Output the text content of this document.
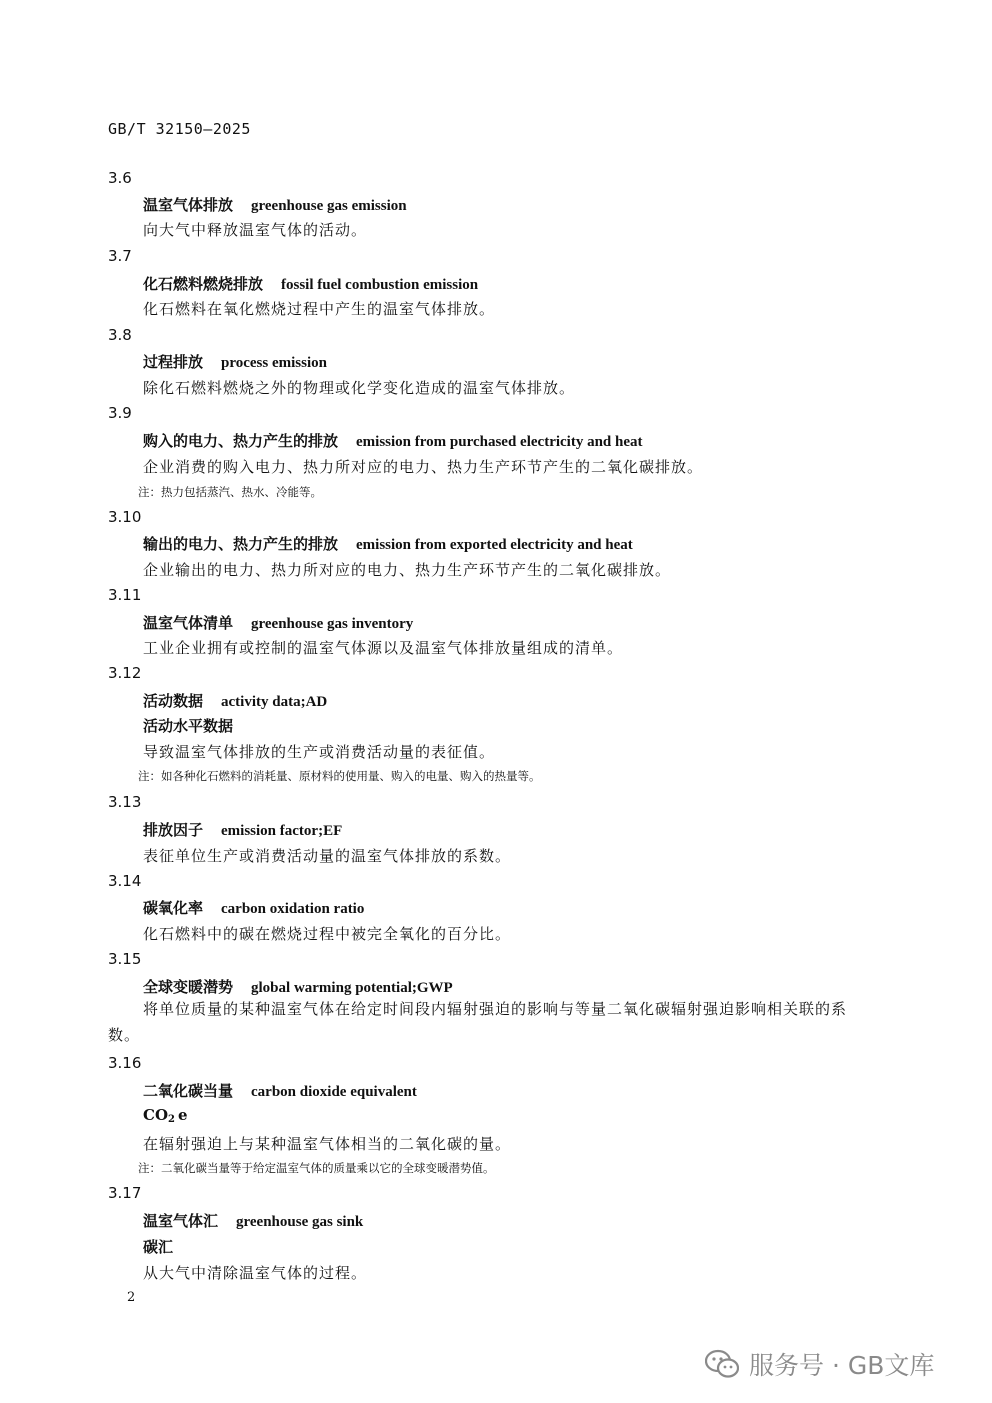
GB/T 32150—2025
3.6
温室气体排放 greenhouse gas emission
向大气中释放温室气体的活动。
3.7
化石燃料燃烧排放 fossil fuel combustion emission
化石燃料在氧化燃烧过程中产生的温室气体排放。
3.8
过程排放 process emission
除化石燃料燃烧之外的物理或化学变化造成的温室气体排放。
3.9
购入的电力、热力产生的排放 emission from purchased electricity and heat
企业消费的购入电力、热力所对应的电力、热力生产环节产生的二氧化碳排放。
注：热力包括蒸汽、热水、冷能等。
3.10
输出的电力、热力产生的排放 emission from exported electricity and heat
企业输出的电力、热力所对应的电力、热力生产环节产生的二氧化碳排放。
3.11
温室气体清单 greenhouse gas inventory
工业企业拥有或控制的温室气体源以及温室气体排放量组成的清单。
3.12
活动数据 activity data;AD
活动水平数据
导致温室气体排放的生产或消费活动量的表征值。
注：如各种化石燃料的消耗量、原材料的使用量、购入的电量、购入的热量等。
3.13
排放因子 emission factor;EF
表征单位生产或消费活动量的温室气体排放的系数。
3.14
碳氧化率 carbon oxidation ratio
化石燃料中的碳在燃烧过程中被完全氧化的百分比。
3.15
全球变暖潜势 global warming potential;GWP
将单位质量的某种温室气体在给定时间段内辐射强迫的影响与等量二氧化碳辐射强迫影响相关联的系数。
3.16
二氧化碳当量 carbon dioxide equivalent
$CO_2$ e
在辐射强迫上与某种温室气体相当的二氧化碳的量。
注：二氧化碳当量等于给定温室气体的质量乘以它的全球变暖潜势值。
3.17
温室气体汇 greenhouse gas sink
碳汇
从大气中清除温室气体的过程。
2
服务号 · GB文库
